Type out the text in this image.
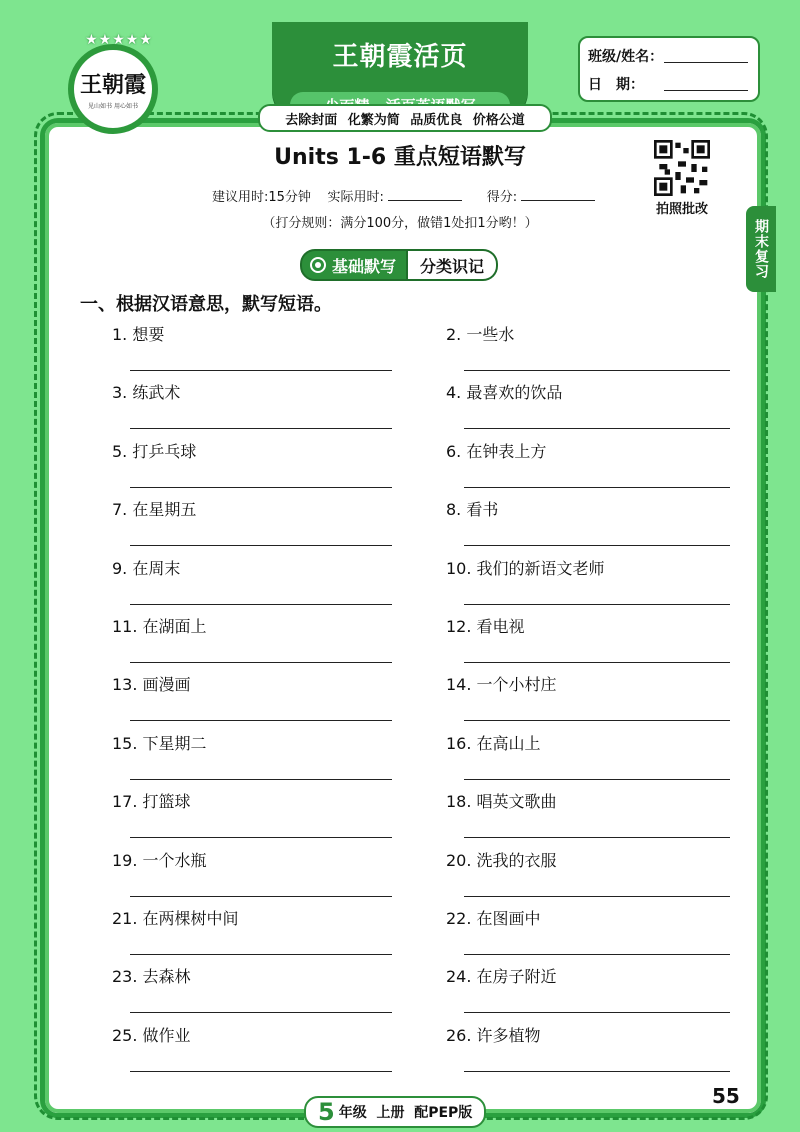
★★★★★
王朝霞
见山如书 用心如书
王朝霞活页
去除封面 化繁为简 品质优良 价格公道
班级/姓名：
日　期：
Units 1-6 重点短语默写
建议用时:15分钟 实际用时:	得分:
（打分规则：满分100分，做错1处扣1分哟！）
拍照批改
期末复习
基础默写	分类识记
一、根据汉语意思，默写短语。
1. 想要	2. 一些水
3. 练武术	4. 最喜欢的饮品
5. 打乒乓球	6. 在钟表上方
7. 在星期五	8. 看书
9. 在周末	10. 我们的新语文老师
11. 在湖面上	12. 看电视
13. 画漫画	14. 一个小村庄
15. 下星期二	16. 在高山上
17. 打篮球	18. 唱英文歌曲
19. 一个水瓶	20. 洗我的衣服
21. 在两棵树中间	22. 在图画中
23. 去森林	24. 在房子附近
25. 做作业	26. 许多植物
5 年级
上册
配PEP版
55
